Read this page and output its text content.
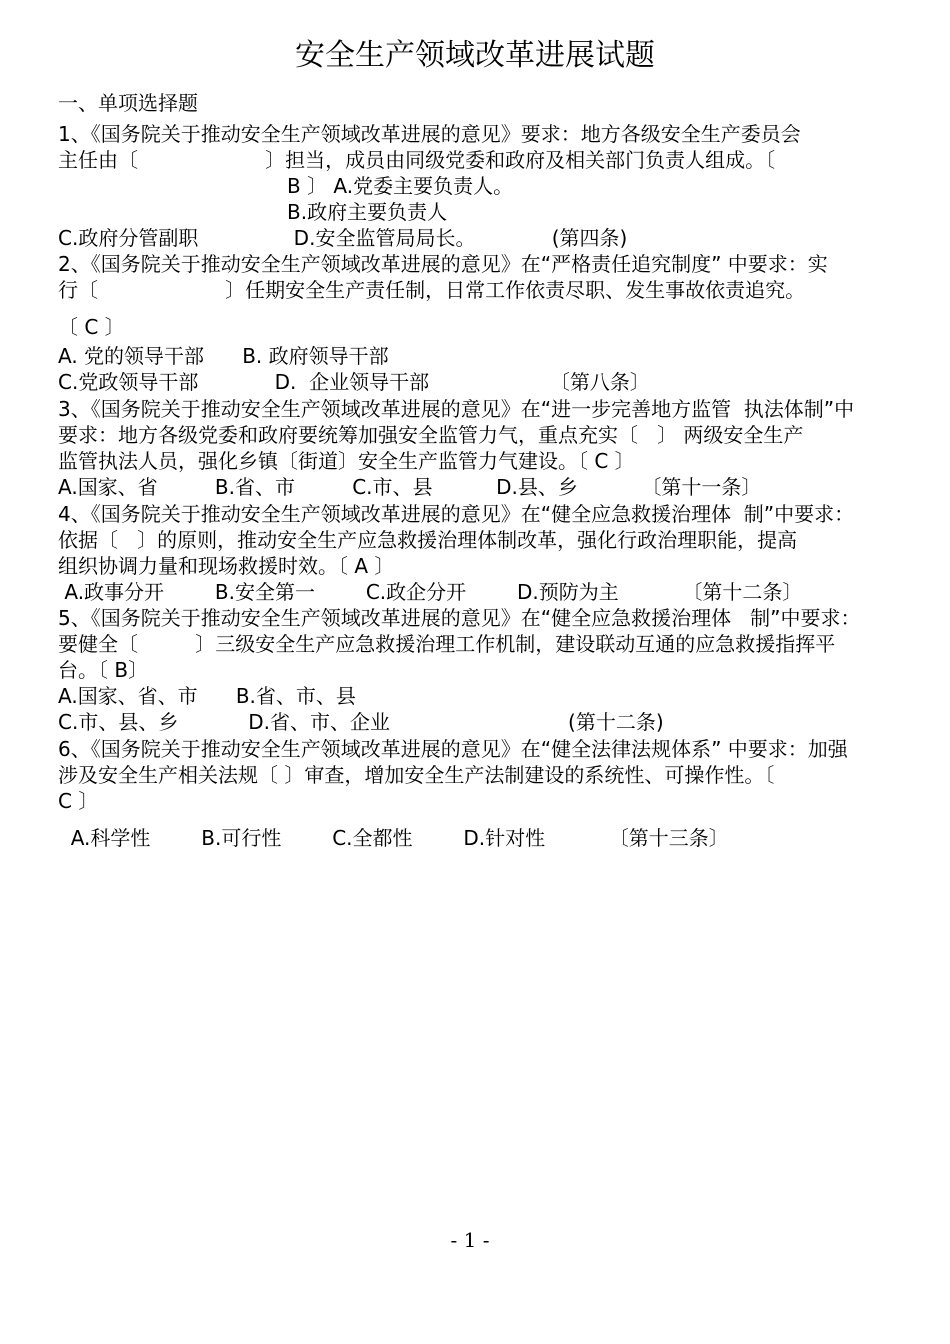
安全生产领域改革进展试题
一、单项选择题
1、《国务院关于推动安全生产领域改革进展的意见》要求：地方各级安全生产委员会
主任由〔                    〕担当，成员由同级党委和政府及相关部门负责人组成。〔
B 〕 A.党委主要负责人。
B.政府主要负责人
C.政府分管副职               D.安全监管局局长。            (第四条)
2、《国务院关于推动安全生产领域改革进展的意见》在“严格责任追究制度” 中要求：实
行〔                    〕任期安全生产责任制，日常工作依责尽职、发生事故依责追究。
〔 C 〕
A. 党的领导干部      B. 政府领导干部
C.党政领导干部            D.  企业领导干部                   〔第八条〕
3、《国务院关于推动安全生产领域改革进展的意见》在“进一步完善地方监管  执法体制”中
要求：地方各级党委和政府要统筹加强安全监管力气，重点充实〔   〕 两级安全生产
监管执法人员，强化乡镇〔街道〕安全生产监管力气建设。〔 C 〕
A.国家、省         B.省、市         C.市、县          D.县、乡          〔第十一条〕
4、《国务院关于推动安全生产领域改革进展的意见》在“健全应急救援治理体  制”中要求：
依据〔   〕的原则，推动安全生产应急救援治理体制改革，强化行政治理职能，提高
组织协调力量和现场救援时效。〔 A 〕
A.政事分开        B.安全第一        C.政企分开        D.预防为主          〔第十二条〕
5、《国务院关于推动安全生产领域改革进展的意见》在“健全应急救援治理体   制”中要求：
要健全〔         〕三级安全生产应急救援治理工作机制，建设联动互通的应急救援指挥平
台。〔 B〕
A.国家、省、市      B.省、市、县
C.市、县、乡           D.省、市、企业                            (第十二条)
6、《国务院关于推动安全生产领域改革进展的意见》在“健全法律法规体系” 中要求：加强
涉及安全生产相关法规〔 〕审查，增加安全生产法制建设的系统性、可操作性。〔
C 〕
A.科学性        B.可行性        C.全都性        D.针对性          〔第十三条〕
- 1 -
